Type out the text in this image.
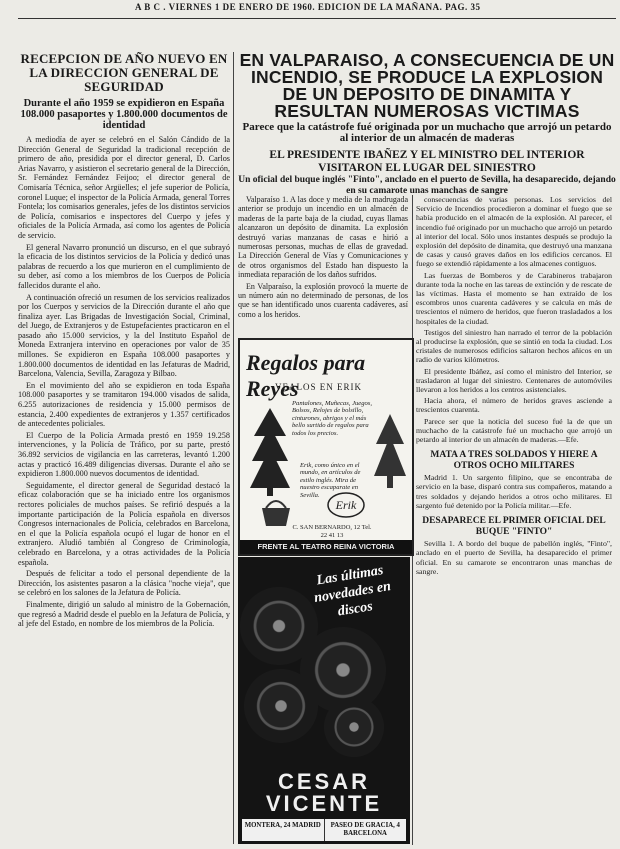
A B C . VIERNES 1 DE ENERO DE 1960. EDICION DE LA MAÑANA. PAG. 35
RECEPCION DE AÑO NUEVO EN LA DIRECCION GENERAL DE SEGURIDAD
Durante el año 1959 se expidieron en España 108.000 pasaportes y 1.800.000 documentos de identidad

A mediodía de ayer se celebró en el Salón Cándido de la Dirección General de Seguridad la tradicional recepción de primero de año, presidida por el director general, D. Carlos Arias Navarro, y asistieron el secretario general de la Dirección, Sr. Fernández Fernández Feijoo; el director general de Comisaría Técnica, señor Argüelles; el jefe superior de Policía, coronel Luque; el inspector de la Policía Armada, general Torres Fontela; los comisarios generales, jefes de los distintos servicios de Policía, comisarios e inspectores del Cuerpo y jefes y oficiales de la Policía Armada, así como los agentes de Policía de servicio.

El general Navarro pronunció un discurso, en el que subrayó la eficacia de los distintos servicios de la Policía y dedicó unas palabras de recuerdo a los que murieron en el cumplimiento de su deber, así como a los miembros de los Cuerpos de Policía fallecidos durante el año.

A continuación ofreció un resumen de los servicios realizados por los Cuerpos y servicios de la Dirección durante el año que finaliza ayer. Las Brigadas de Investigación Social, Criminal, del Juego, de Extranjeros y de Estupefacientes practicaron en el pasado año 15.000 servicios, y la del Instituto Español de Moneda Extranjera intervino en operaciones por valor de 35 millones. Se expidieron en España 108.000 pasaportes y 1.800.000 documentos de identidad en las Jefaturas de Madrid, Barcelona, Valencia, Sevilla, Zaragoza y Bilbao.

En el movimiento del año se expidieron en toda España 108.000 pasaportes y se tramitaron 194.000 visados de salida, 6.255 autorizaciones de residencia y 15.000 permisos de estancia, 2.400 expedientes de extranjeros y 1.357 certificados de antecedentes policiales.

El Cuerpo de la Policía Armada prestó en 1959 19.258 intervenciones, y la Policía de Tráfico, por su parte, prestó 36.892 servicios de vigilancia en las carreteras, levantó 1.200 actas y practicó 16.489 diligencias diversas. Durante el año se expidieron 1.800.000 nuevos documentos de identidad.

Seguidamente, el director general de Seguridad destacó la eficaz colaboración que se ha iniciado entre los organismos rectores policiales de muchos países. Se refirió después a la importante participación de la Policía española en diversos Congresos internacionales de Policía, celebrados en Barcelona, en el que la Policía española ocupó el lugar de honor en el extranjero. Aludió también al Congreso de Criminología, celebrado en Barcelona, y a otras actividades de la Policía española.

Después de felicitar a todo el personal dependiente de la Dirección, los asistentes pasaron a la clásica "noche vieja", que se celebró en los salones de la Jefatura de Policía.

Finalmente, dirigió un saludo al ministro de la Gobernación, que regresó a Madrid desde el pueblo en la Jefatura de Policía, y al jefe del Estado, en nombre de los miembros de la Policía.

EN VALPARAISO, A CONSECUENCIA DE UN INCENDIO, SE PRODUCE LA EXPLOSION DE UN DEPOSITO DE DINAMITA Y RESULTAN NUMEROSAS VICTIMAS
Parece que la catástrofe fué originada por un muchacho que arrojó un petardo al interior de un almacén de maderas
EL PRESIDENTE IBAÑEZ Y EL MINISTRO DEL INTERIOR VISITARON EL LUGAR DEL SINIESTRO
Un oficial del buque inglés "Finto", anclado en el puerto de Sevilla, ha desaparecido, dejando en su camarote unas manchas de sangre

Valparaíso 1. A las doce y media de la madrugada anterior se produjo un incendio en un almacén de maderas de la parte baja de la ciudad, cuyas llamas alcanzaron un depósito de dinamita. La explosión destruyó varias manzanas de casas e hirió a numerosas personas, muchas de ellas de gravedad. La Dirección General de Vías y Comunicaciones y de otros organismos del Estado han dispuesto la inmediata reparación de los daños sufridos.

En Valparaíso, la explosión provocó la muerte de un número aún no determinado de personas, de los que se han identificado unos cuarenta cadáveres, así como a los heridos.

Regalos para Reyes
VEALOS EN ERIK
Pantalones, Muñecas, Juegos, Bolsos, Relojes de bolsillo, cinturones, abrigos y el más bello surtido de regalos para todos los precios.
Erik, como único en el mundo, en artículos de estilo inglés. Mira de nuestro escaparate en Sevilla.
Erik
C. SAN BERNARDO, 12 Tel. 22 41 13
FRENTE AL TEATRO REINA VICTORIA
Las últimas novedades en discos
CESAR
VICENTE
MONTERA, 24 MADRID	PASEO DE GRACIA, 4 BARCELONA

consecuencias de varias personas. Los servicios del Servicio de Incendios procedieron a dominar el fuego que se había producido en el almacén de la explosión. Al parecer, el incendio fué originado por un muchacho que arrojó un petardo al interior del local. Sólo unos instantes después se produjo la explosión del depósito de dinamita, que destruyó una manzana de casas y causó graves daños en los edificios cercanos. El fuego se extendió rápidamente a los almacenes contiguos.

Las fuerzas de Bomberos y de Carabineros trabajaron durante toda la noche en las tareas de extinción y de rescate de las víctimas. Hasta el momento se han extraído de los escombros unos cuarenta cadáveres y se calcula en más de trescientos el número de heridos, que fueron trasladados a los hospitales de la ciudad.

Testigos del siniestro han narrado el terror de la población al producirse la explosión, que se sintió en toda la ciudad. Los cristales de numerosos edificios saltaron hechos añicos en un radio de varios kilómetros.

El presidente Ibáñez, así como el ministro del Interior, se trasladaron al lugar del siniestro. Centenares de automóviles llevaron a los heridos a los centros asistenciales.

Hacia ahora, el número de heridos graves asciende a trescientos cuarenta.

Parece ser que la noticia del suceso fué la de que un muchacho de la catástrofe fué un muchacho que arrojó un petardo al interior de un almacén de maderas.—Efe.

MATA A TRES SOLDADOS Y HIERE A OTROS OCHO MILITARES

Madrid 1. Un sargento filipino, que se encontraba de servicio en la base, disparó contra sus compañeros, matando a tres soldados y dejando heridos a otros ocho militares. El sargento fué detenido por la Policía militar.—Efe.

DESAPARECE EL PRIMER OFICIAL DEL BUQUE "FINTO"

Sevilla 1. A bordo del buque de pabellón inglés, "Finto", anclado en el puerto de Sevilla, ha desaparecido el primer oficial. En su camarote se encontraron unas manchas de sangre.
